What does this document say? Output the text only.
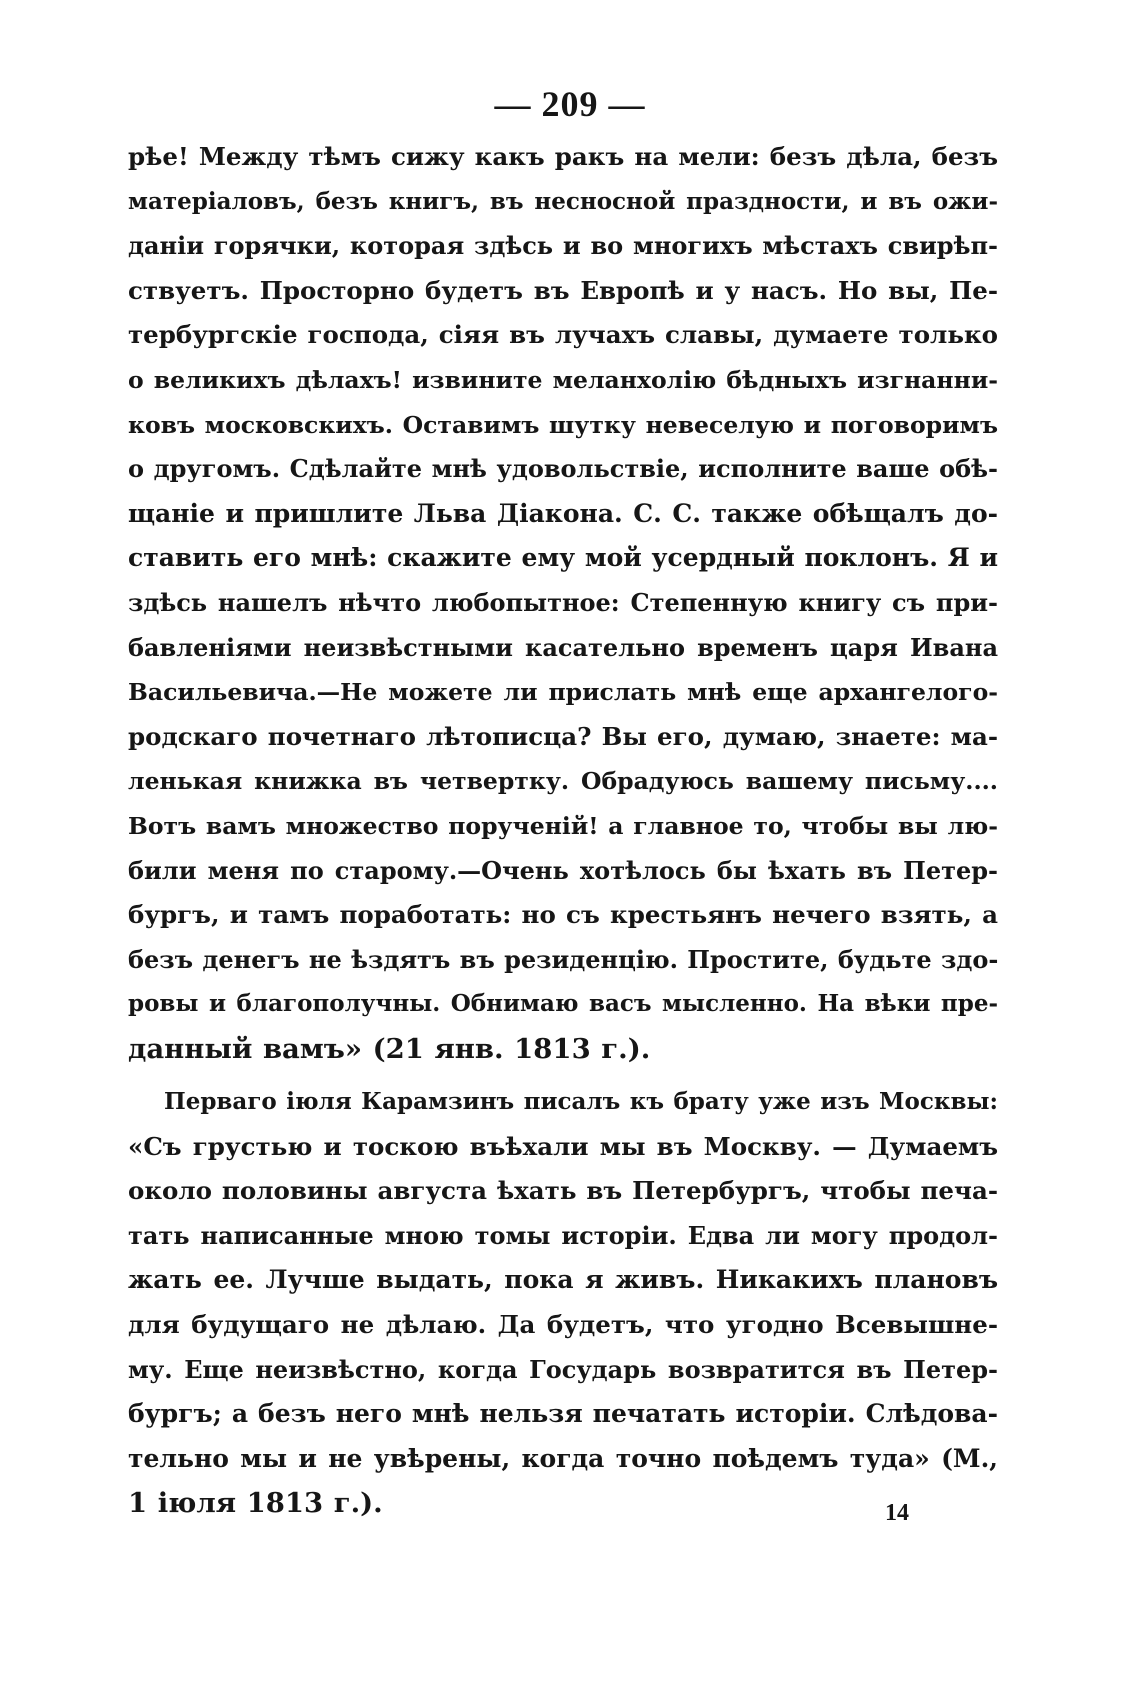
— 209 —
рѣе! Между тѣмъ сижу какъ ракъ на мели: безъ дѣла, безъ
матеріаловъ, безъ книгъ, въ несносной праздности, и въ ожи-
даніи горячки, которая здѣсь и во многихъ мѣстахъ свирѣп-
ствуетъ. Просторно будетъ въ Европѣ и у насъ. Но вы, Пе-
тербургскіе господа, сіяя въ лучахъ славы, думаете только
о великихъ дѣлахъ! извините меланхолію бѣдныхъ изгнанни-
ковъ московскихъ. Оставимъ шутку невеселую и поговоримъ
о другомъ. Сдѣлайте мнѣ удовольствіе, исполните ваше обѣ-
щаніе и пришлите Льва Діакона. С. С. также обѣщалъ до-
ставить его мнѣ: скажите ему мой усердный поклонъ. Я и
здѣсь нашелъ нѣчто любопытное: Степенную книгу съ при-
бавленіями неизвѣстными касательно временъ царя Ивана
Васильевича.—Не можете ли прислать мнѣ еще архангелого-
родскаго почетнаго лѣтописца? Вы его, думаю, знаете: ма-
ленькая книжка въ четвертку. Обрадуюсь вашему письму....
Вотъ вамъ множество порученій! а главное то, чтобы вы лю-
били меня по старому.—Очень хотѣлось бы ѣхать въ Петер-
бургъ, и тамъ поработать: но съ крестьянъ нечего взять, а
безъ денегъ не ѣздятъ въ резиденцію. Простите, будьте здо-
ровы и благополучны. Обнимаю васъ мысленно. На вѣки пре-
данный вамъ» (21 янв. 1813 г.).
Перваго іюля Карамзинъ писалъ къ брату уже изъ Москвы:
«Съ грустью и тоскою въѣхали мы въ Москву. — Думаемъ
около половины августа ѣхать въ Петербургъ, чтобы печа-
тать написанные мною томы исторіи. Едва ли могу продол-
жать ее. Лучше выдать, пока я живъ. Никакихъ плановъ
для будущаго не дѣлаю. Да будетъ, что угодно Всевышне-
му. Еще неизвѣстно, когда Государь возвратится въ Петер-
бургъ; а безъ него мнѣ нельзя печатать исторіи. Слѣдова-
тельно мы и не увѣрены, когда точно поѣдемъ туда» (М.,
1 іюля 1813 г.).	14
